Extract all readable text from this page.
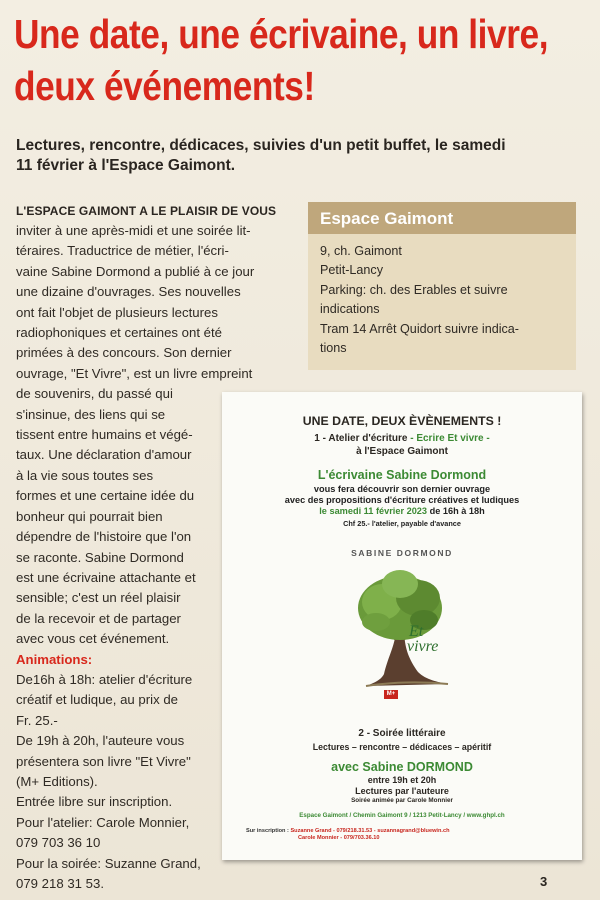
Une date, une écrivaine, un livre,
deux événements!
Lectures, rencontre, dédicaces, suivies d'un petit buffet, le samedi
11 février à l'Espace Gaimont.
L'ESPACE GAIMONT A LE PLAISIR DE VOUS
inviter à une après-midi et une soirée lit-
téraires. Traductrice de métier, l'écri-
vaine Sabine Dormond a publié à ce jour
une dizaine d'ouvrages. Ses nouvelles
ont fait l'objet de plusieurs lectures
radiophoniques et certaines ont été
primées à des concours. Son dernier
ouvrage, "Et Vivre", est un livre empreint
de souvenirs, du passé qui
s'insinue, des liens qui se
tissent entre humains et végé-
taux. Une déclaration d'amour
à la vie sous toutes ses
formes et une certaine idée du
bonheur qui pourrait bien
dépendre de l'histoire que l'on
se raconte. Sabine Dormond
est une écrivaine attachante et
sensible; c'est un réel plaisir
de la recevoir et de partager
avec vous cet événement.
Animations:
De16h à 18h: atelier d'écriture
créatif et ludique, au prix de
Fr. 25.-
De 19h à 20h, l'auteure vous
présentera son livre "Et Vivre"
(M+ Editions).
Entrée libre sur inscription.
Pour l'atelier: Carole Monnier,
079 703 36 10
Pour la soirée: Suzanne Grand,
079 218 31 53.
Espace Gaimont
9, ch. Gaimont
Petit-Lancy
Parking: ch. des Erables et suivre
indications
Tram 14 Arrêt Quidort suivre indica-
tions
UNE DATE, DEUX ÈVÈNEMENTS !
1 - Atelier d'écriture - Ecrire Et vivre -
à l'Espace Gaimont
L'écrivaine Sabine Dormond
vous fera découvrir son dernier ouvrage
avec des propositions d'écriture créatives et ludiques
le samedi 11 février 2023 de 16h à 18h
Chf 25.- l'atelier, payable d'avance
SABINE DORMOND
Et
vivre
M+
2 - Soirée littéraire
Lectures – rencontre – dédicaces – apéritif
avec Sabine DORMOND
entre 19h et 20h
Lectures par l'auteure
Soirée animée par Carole Monnier
Espace Gaimont / Chemin Gaimont 9 / 1213 Petit-Lancy / www.ghpl.ch
Sur inscription : Suzanne Grand - 079/218.31.53 - suzannagrand@bluewin.ch
Carole Monnier - 079/703.36.10
3
